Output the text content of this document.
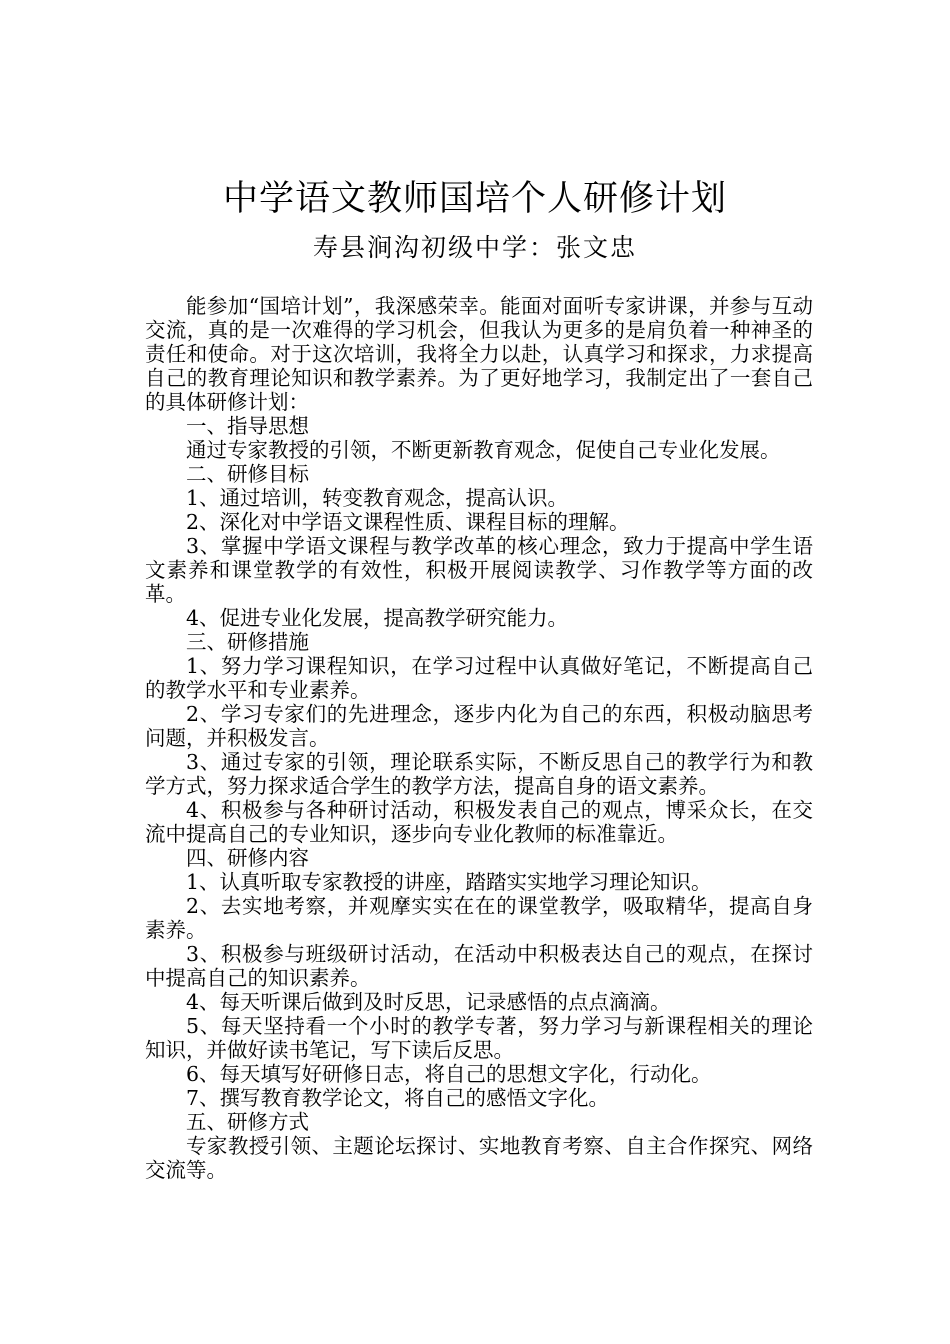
中学语文教师国培个人研修计划
寿县涧沟初级中学：张文忠

能参加“国培计划”，我深感荣幸。能面对面听专家讲课，并参与互动交流，真的是一次难得的学习机会，但我认为更多的是肩负着一种神圣的责任和使命。对于这次培训，我将全力以赴，认真学习和探求，力求提高自己的教育理论知识和教学素养。为了更好地学习，我制定出了一套自己的具体研修计划：

一、指导思想

通过专家教授的引领，不断更新教育观念，促使自己专业化发展。

二、研修目标

1、通过培训，转变教育观念，提高认识。

2、深化对中学语文课程性质、课程目标的理解。

3、掌握中学语文课程与教学改革的核心理念，致力于提高中学生语文素养和课堂教学的有效性，积极开展阅读教学、习作教学等方面的改革。

4、促进专业化发展，提高教学研究能力。

三、研修措施

1、努力学习课程知识，在学习过程中认真做好笔记，不断提高自己的教学水平和专业素养。

2、学习专家们的先进理念，逐步内化为自己的东西，积极动脑思考问题，并积极发言。

3、通过专家的引领，理论联系实际，不断反思自己的教学行为和教学方式，努力探求适合学生的教学方法，提高自身的语文素养。

4、积极参与各种研讨活动，积极发表自己的观点，博采众长，在交流中提高自己的专业知识，逐步向专业化教师的标准靠近。

四、研修内容

1、认真听取专家教授的讲座，踏踏实实地学习理论知识。

2、去实地考察，并观摩实实在在的课堂教学，吸取精华，提高自身素养。

3、积极参与班级研讨活动，在活动中积极表达自己的观点，在探讨中提高自己的知识素养。

4、每天听课后做到及时反思，记录感悟的点点滴滴。

5、每天坚持看一个小时的教学专著，努力学习与新课程相关的理论知识，并做好读书笔记，写下读后反思。

6、每天填写好研修日志，将自己的思想文字化，行动化。

7、撰写教育教学论文，将自己的感悟文字化。

五、研修方式

专家教授引领、主题论坛探讨、实地教育考察、自主合作探究、网络交流等。
